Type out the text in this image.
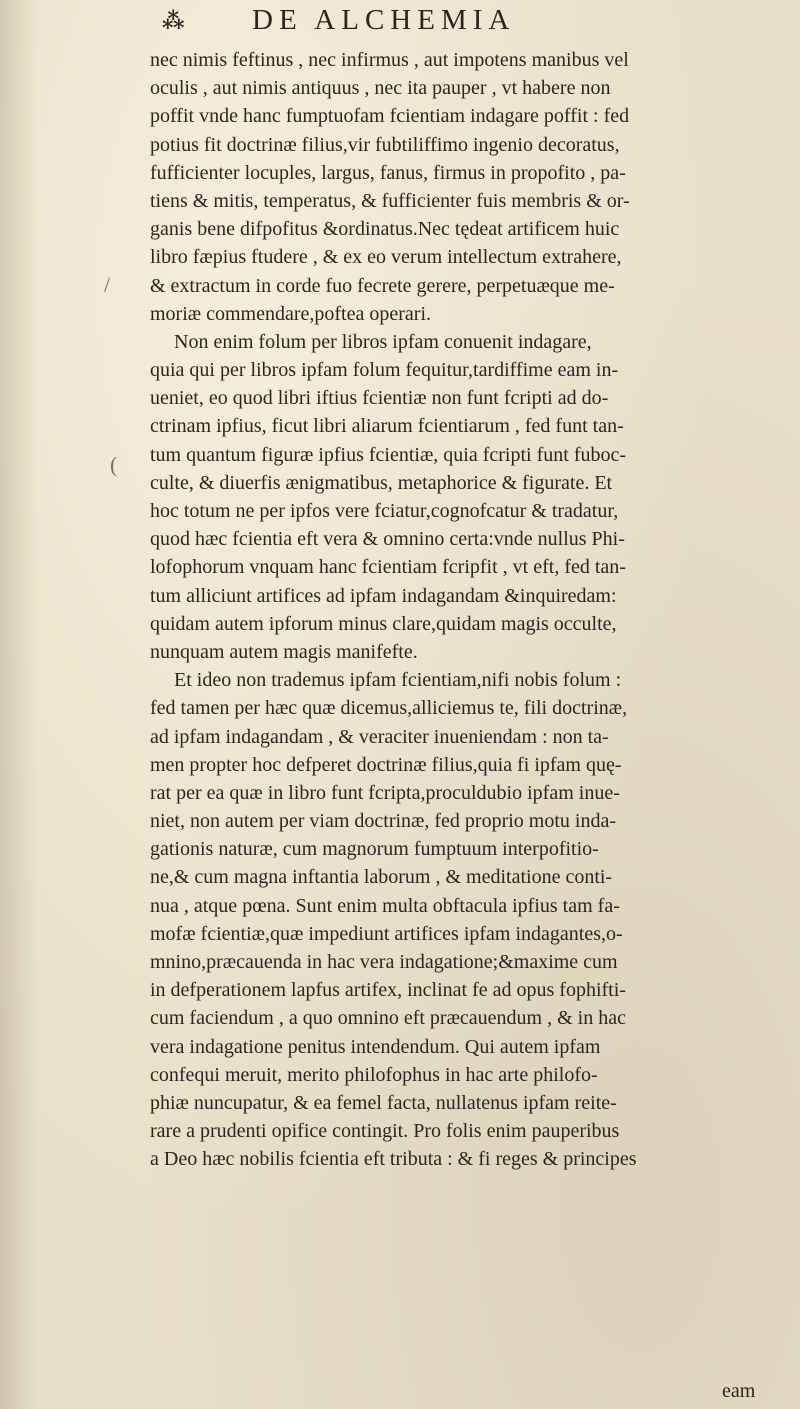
⁂ DE ALCHEMIA
nec nimis feftinus , nec infirmus , aut impotens manibus vel
oculis , aut nimis antiquus , nec ita pauper , vt habere non
poffit vnde hanc fumptuofam fcientiam indagare poffit : fed
potius fit doctrinæ filius,vir fubtiliffimo ingenio decoratus,
fufficienter locuples, largus, fanus, firmus in propofito , pa-
tiens & mitis, temperatus, & fufficienter fuis membris & or-
ganis bene difpofitus &ordinatus.Nec tędeat artificem huic
libro fæpius ftudere , & ex eo verum intellectum extrahere,
& extractum in corde fuo fecrete gerere, perpetuæque me-
moriæ commendare,poftea operari.
Non enim folum per libros ipfam conuenit indagare,
quia qui per libros ipfam folum fequitur,tardiffime eam in-
ueniet, eo quod libri iftius fcientiæ non funt fcripti ad do-
ctrinam ipfius, ficut libri aliarum fcientiarum , fed funt tan-
tum quantum figuræ ipfius fcientiæ, quia fcripti funt fuboc-
culte, & diuerfis ænigmatibus, metaphorice & figurate. Et
hoc totum ne per ipfos vere fciatur,cognofcatur & tradatur,
quod hæc fcientia eft vera & omnino certa:vnde nullus Phi-
lofophorum vnquam hanc fcientiam fcripfit , vt eft, fed tan-
tum alliciunt artifices ad ipfam indagandam &inquiredam:
quidam autem ipforum minus clare,quidam magis occulte,
nunquam autem magis manifefte.
Et ideo non trademus ipfam fcientiam,nifi nobis folum :
fed tamen per hæc quæ dicemus,alliciemus te, fili doctrinæ,
ad ipfam indagandam , & veraciter inueniendam : non ta-
men propter hoc defperet doctrinæ filius,quia fi ipfam quę-
rat per ea quæ in libro funt fcripta,proculdubio ipfam inue-
niet, non autem per viam doctrinæ, fed proprio motu inda-
gationis naturæ, cum magnorum fumptuum interpofitio-
ne,& cum magna inftantia laborum , & meditatione conti-
nua , atque pœna. Sunt enim multa obftacula ipfius tam fa-
mofæ fcientiæ,quæ impediunt artifices ipfam indagantes,o-
mnino,præcauenda in hac vera indagatione;&maxime cum
in defperationem lapfus artifex, inclinat fe ad opus fophifti-
cum faciendum , a quo omnino eft præcauendum , & in hac
vera indagatione penitus intendendum. Qui autem ipfam
confequi meruit, merito philofophus in hac arte philofo-
phiæ nuncupatur, & ea femel facta, nullatenus ipfam reite-
rare a prudenti opifice contingit. Pro folis enim pauperibus
a Deo hæc nobilis fcientia eft tributa : & fi reges & principes
/
(
eam
